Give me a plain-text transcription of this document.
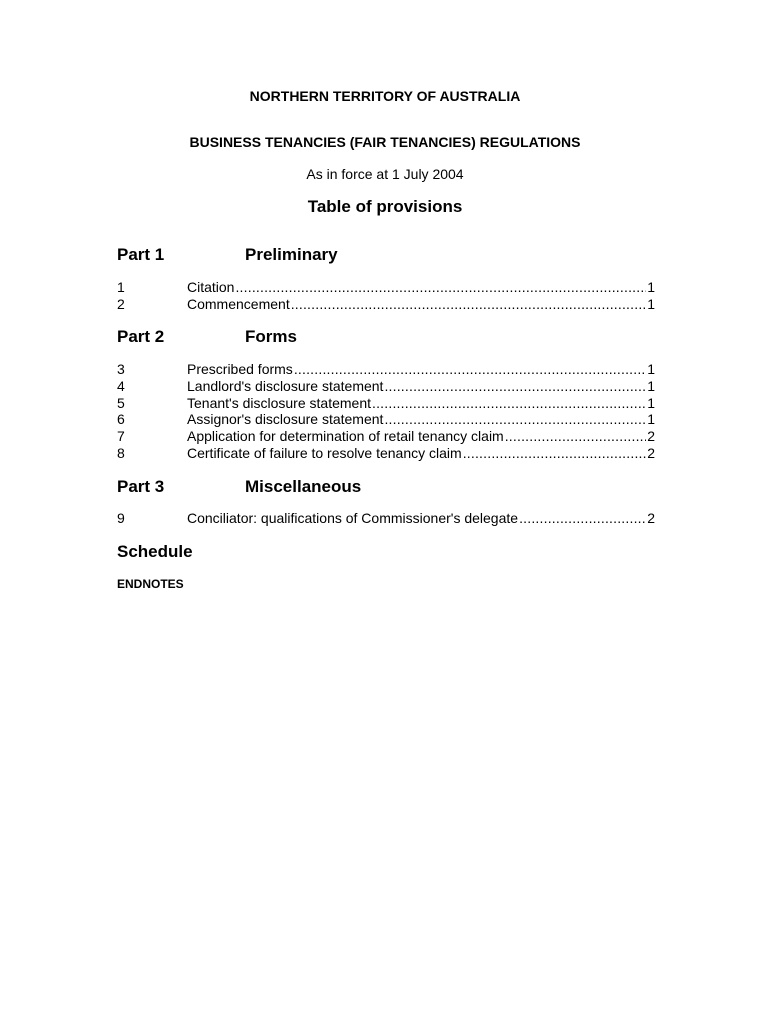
NORTHERN TERRITORY OF AUSTRALIA
BUSINESS TENANCIES (FAIR TENANCIES) REGULATIONS
As in force at 1 July 2004
Table of provisions
Part 1	Preliminary
1	Citation .....	1
2	Commencement .....	1
Part 2	Forms
3	Prescribed forms .....	1
4	Landlord's disclosure statement .....	1
5	Tenant's disclosure statement .....	1
6	Assignor's disclosure statement .....	1
7	Application for determination of retail tenancy claim .....	2
8	Certificate of failure to resolve tenancy claim .....	2
Part 3	Miscellaneous
9	Conciliator: qualifications of Commissioner's delegate .....	2
Schedule
ENDNOTES
